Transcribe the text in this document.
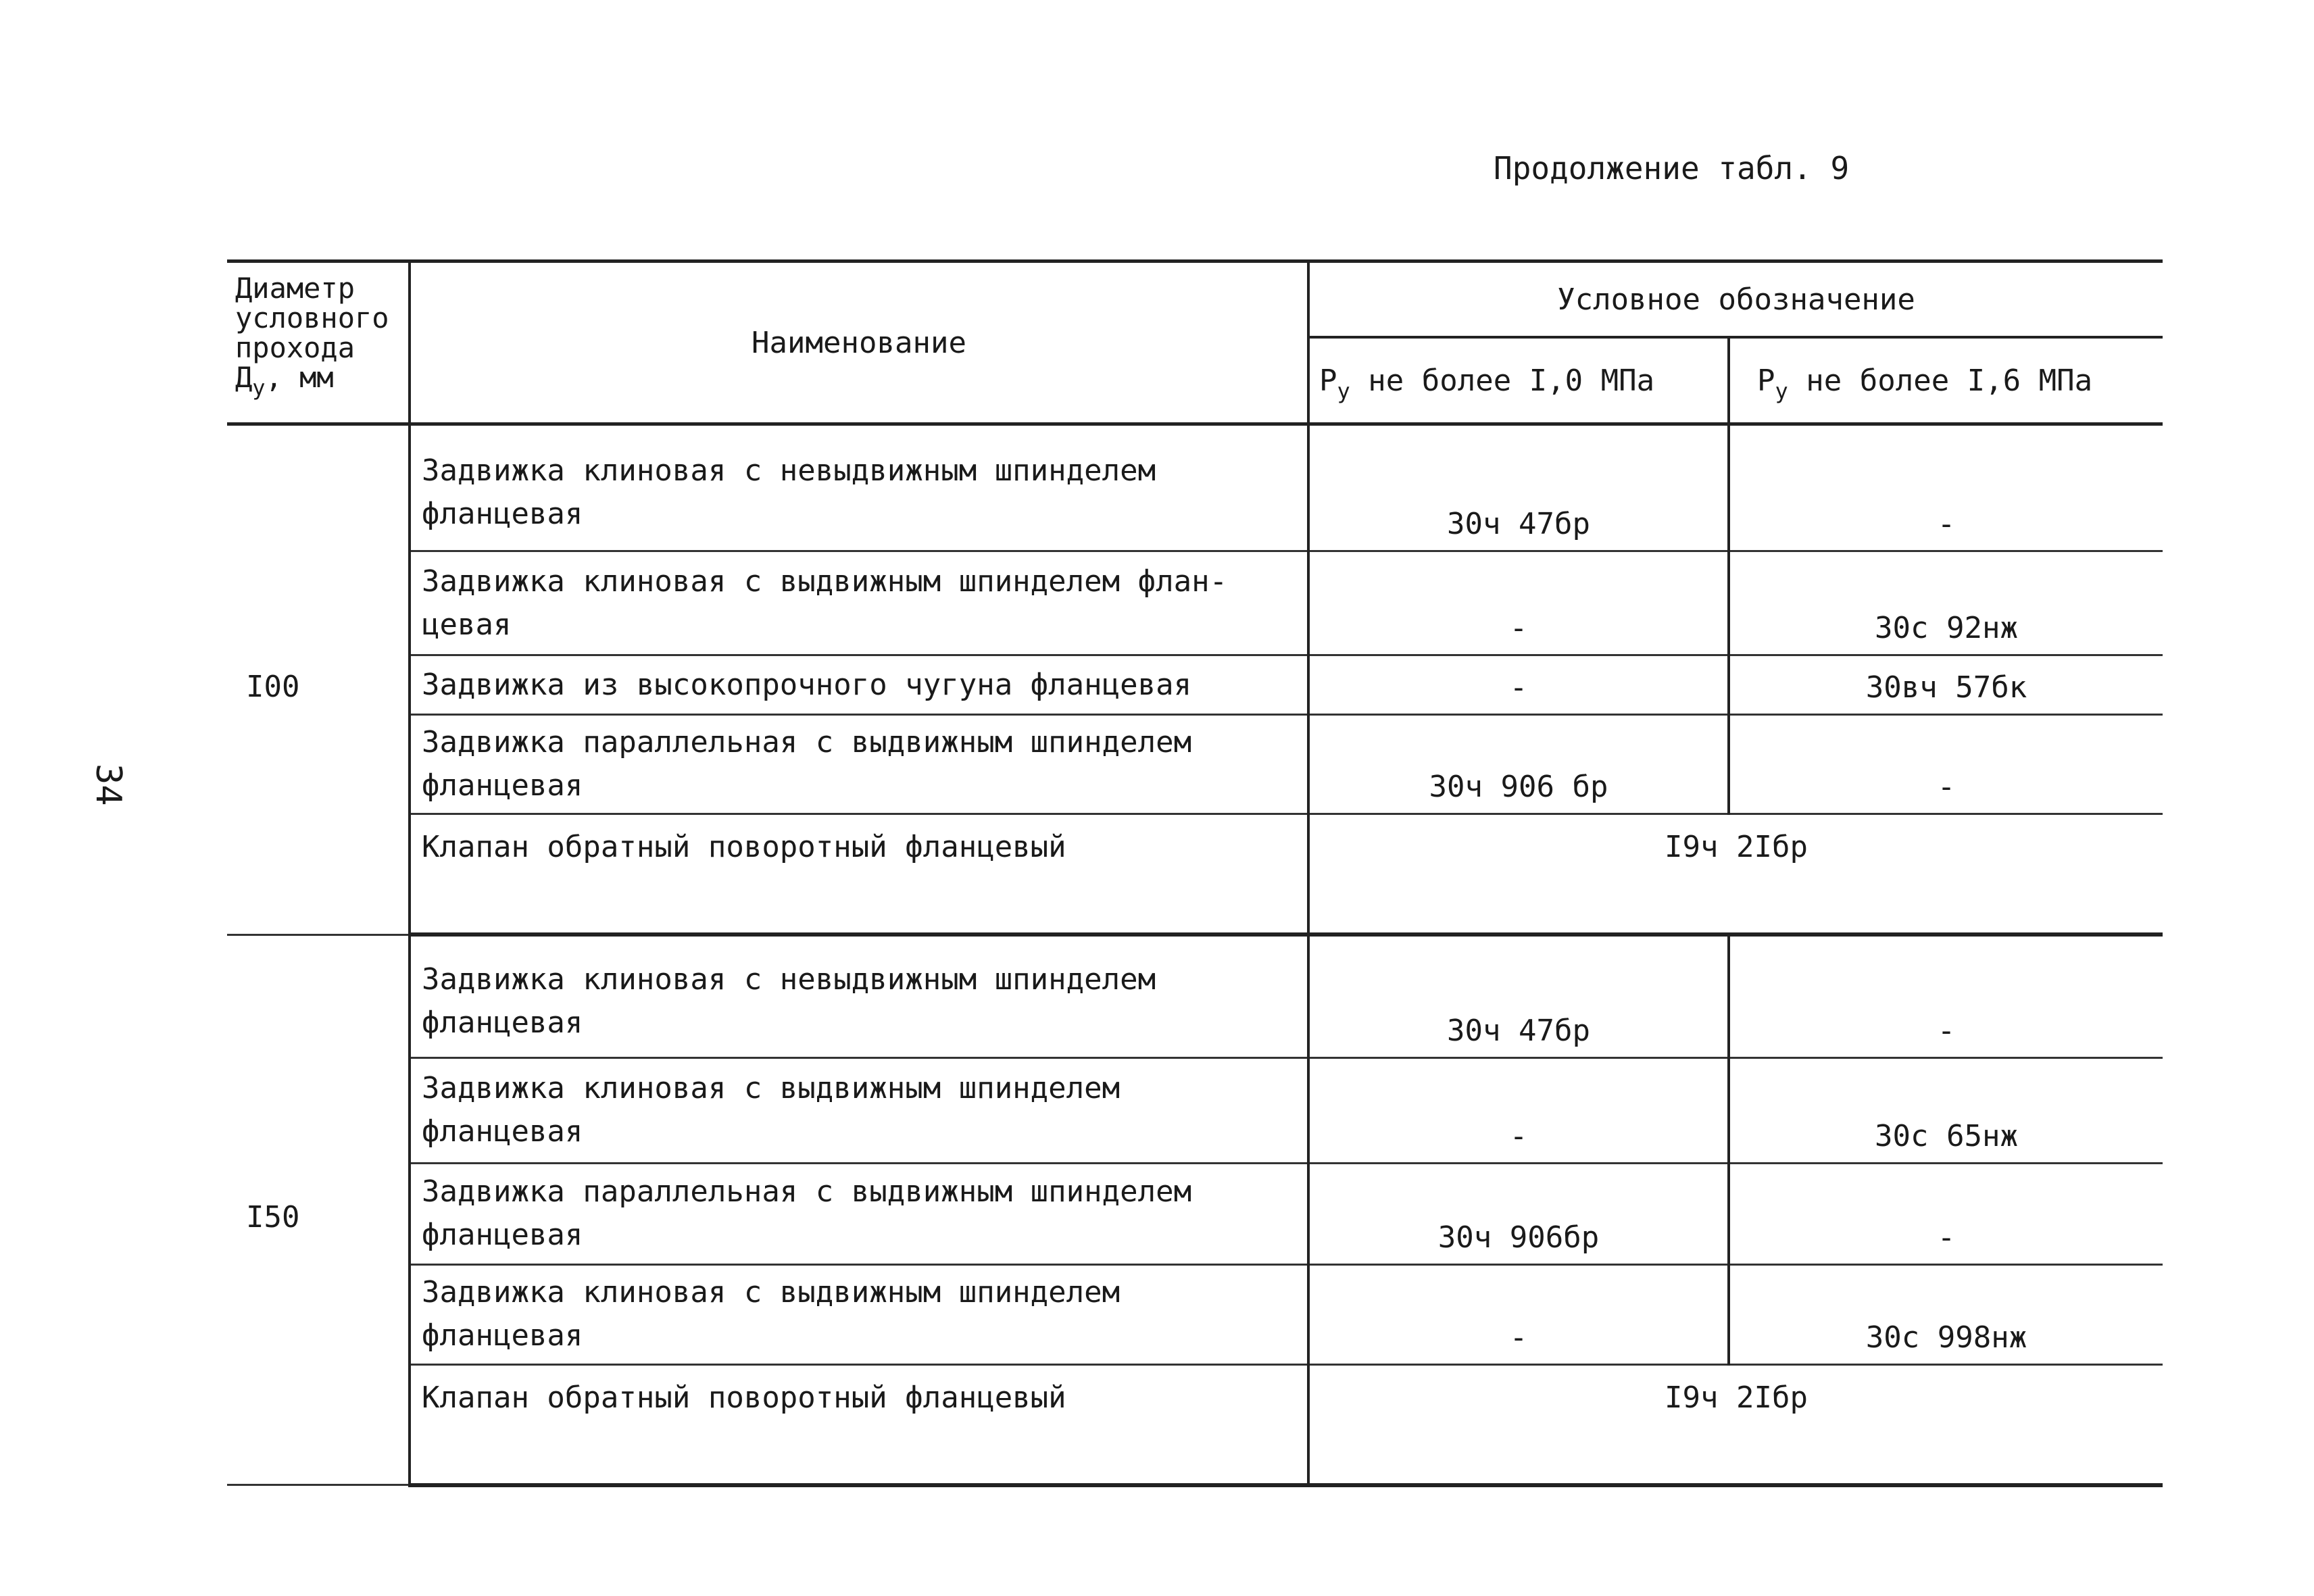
34
Продолжение табл. 9
Диаметр
условного
прохода
$Д_у$, мм	Наименование	Условное обозначение	
		$Р_у$ не более I,0 МПа	$Р_у$ не более I,6 МПа
I00	Задвижка клиновая с невыдвижным шпинделем фланцевая	30ч 47бр	-
	Задвижка клиновая с выдвижным шпинделем флан-цевая	-	30с 92нж
	Задвижка из высокопрочного чугуна фланцевая	-	30вч 57бк
	Задвижка параллельная с выдвижным шпинделем фланцевая	30ч 906 бр	-
	Клапан обратный поворотный фланцевый	I9ч 2Iбр	
I50	Задвижка клиновая с невыдвижным шпинделем фланцевая	30ч 47бр	-
	Задвижка клиновая с выдвижным шпинделем фланцевая	-	30с 65нж
	Задвижка параллельная с выдвижным шпинделем фланцевая	30ч 906бр	-
	Задвижка клиновая с выдвижным шпинделем фланцевая	-	30с 998нж
	Клапан обратный поворотный фланцевый	I9ч 2Iбр	
